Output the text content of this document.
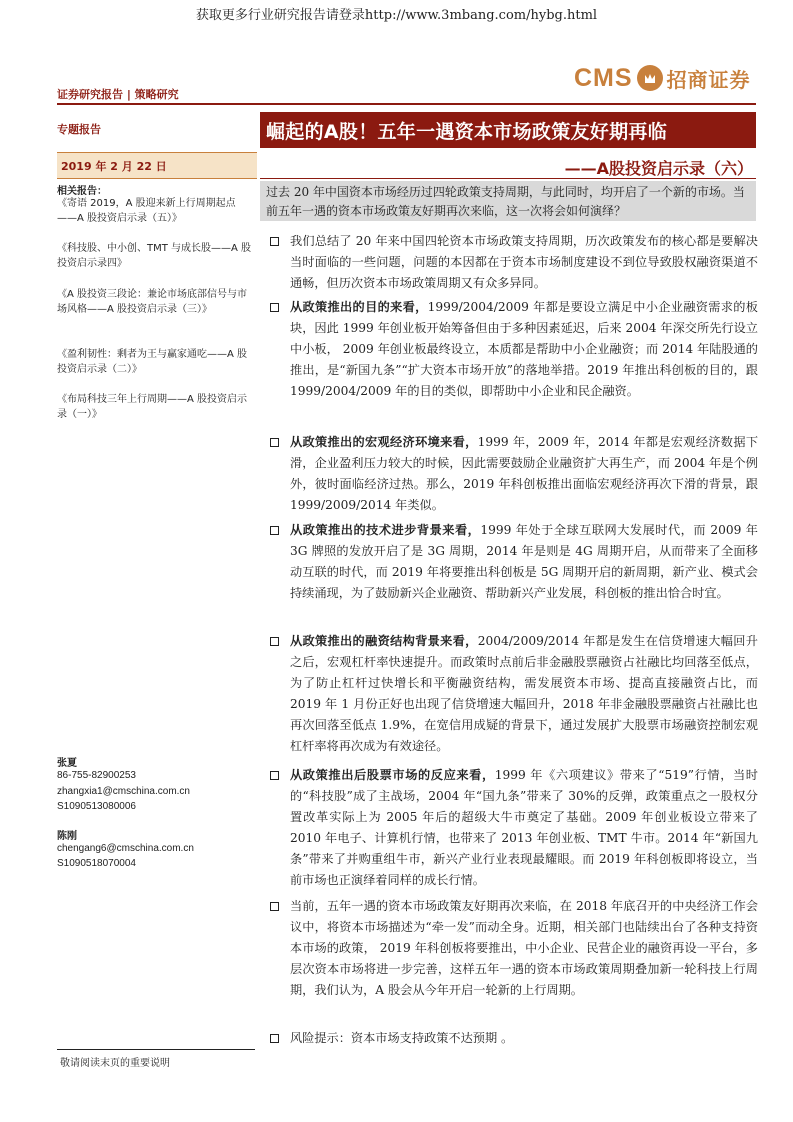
获取更多行业研究报告请登录http://www.3mbang.com/hybg.html
CMS 招商证券
证券研究报告 | 策略研究
专题报告
2019 年 2 月 22 日
相关报告：
《寄语 2019，A 股迎来新上行周期起点——A 股投资启示录（五）》
《科技股、中小创、TMT 与成长股——A 股投资启示录四》
《A 股投资三段论：兼论市场底部信号与市场风格——A 股投资启示录（三）》
《盈利韧性：剩者为王与赢家通吃——A 股投资启示录（二）》
《布局科技三年上行周期——A 股投资启示录（一）》
张夏
86-755-82900253
zhangxia1@cmschina.com.cn
S1090513080006
陈刚
chengang6@cmschina.com.cn
S1090518070004
敬请阅读末页的重要说明
崛起的A股！五年一遇资本市场政策友好期再临
——A股投资启示录（六）
过去 20 年中国资本市场经历过四轮政策支持周期，与此同时，均开启了一个新的市场。当前五年一遇的资本市场政策友好期再次来临，这一次将会如何演绎？
我们总结了 20 年来中国四轮资本市场政策支持周期，历次政策发布的核心都是要解决当时面临的一些问题，问题的本因都在于资本市场制度建设不到位导致股权融资渠道不通畅，但历次资本市场政策周期又有众多异同。
从政策推出的目的来看，1999/2004/2009 年都是要设立满足中小企业融资需求的板块，因此 1999 年创业板开始筹备但由于多种因素延迟，后来 2004 年深交所先行设立中小板， 2009 年创业板最终设立，本质都是帮助中小企业融资；而 2014 年陆股通的推出，是“新国九条”“扩大资本市场开放”的落地举措。2019 年推出科创板的目的，跟 1999/2004/2009 年的目的类似，即帮助中小企业和民企融资。
从政策推出的宏观经济环境来看，1999 年，2009 年，2014 年都是宏观经济数据下滑，企业盈利压力较大的时候，因此需要鼓励企业融资扩大再生产，而 2004 年是个例外，彼时面临经济过热。那么，2019 年科创板推出面临宏观经济再次下滑的背景，跟 1999/2009/2014 年类似。
从政策推出的技术进步背景来看，1999 年处于全球互联网大发展时代，而 2009 年 3G 牌照的发放开启了是 3G 周期，2014 年是则是 4G 周期开启，从而带来了全面移动互联的时代，而 2019 年将要推出科创板是 5G 周期开启的新周期，新产业、模式会持续涌现，为了鼓励新兴企业融资、帮助新兴产业发展，科创板的推出恰合时宜。
从政策推出的融资结构背景来看，2004/2009/2014 年都是发生在信贷增速大幅回升之后，宏观杠杆率快速提升。而政策时点前后非金融股票融资占社融比均回落至低点，为了防止杠杆过快增长和平衡融资结构，需发展资本市场、提高直接融资占比，而 2019 年 1 月份正好也出现了信贷增速大幅回升，2018 年非金融股票融资占社融比也再次回落至低点 1.9%，在宽信用成疑的背景下，通过发展扩大股票市场融资控制宏观杠杆率将再次成为有效途径。
从政策推出后股票市场的反应来看，1999 年《六项建议》带来了“519”行情，当时的“科技股”成了主战场，2004 年“国九条”带来了 30%的反弹，政策重点之一股权分置改革实际上为 2005 年后的超级大牛市奠定了基础。2009 年创业板设立带来了 2010 年电子、计算机行情，也带来了 2013 年创业板、TMT 牛市。2014 年“新国九条”带来了并购重组牛市，新兴产业行业表现最耀眼。而 2019 年科创板即将设立，当前市场也正演绎着同样的成长行情。
当前，五年一遇的资本市场政策友好期再次来临，在 2018 年底召开的中央经济工作会议中，将资本市场描述为“牵一发”而动全身。近期，相关部门也陆续出台了各种支持资本市场的政策， 2019 年科创板将要推出，中小企业、民营企业的融资再设一平台，多层次资本市场将进一步完善，这样五年一遇的资本市场政策周期叠加新一轮科技上行周期，我们认为，A 股会从今年开启一轮新的上行周期。
风险提示：资本市场支持政策不达预期 。
